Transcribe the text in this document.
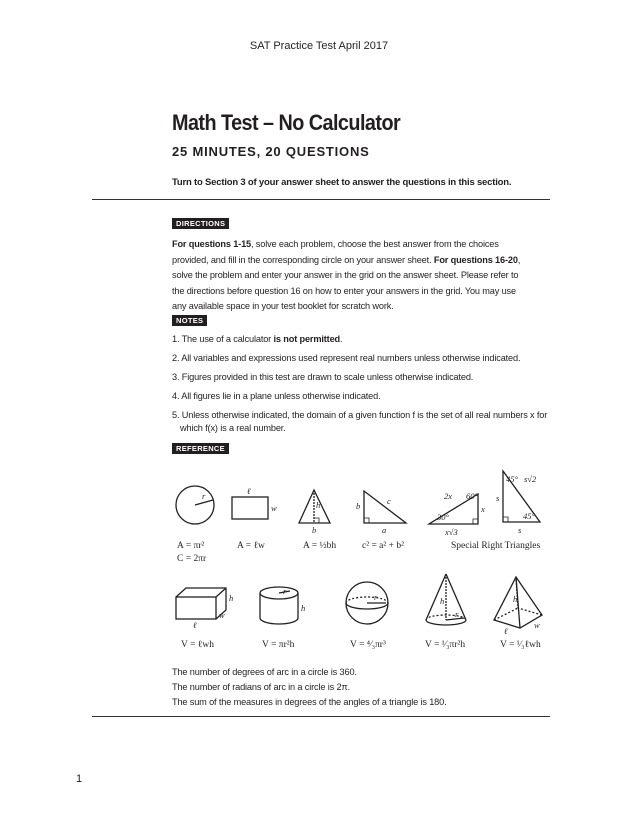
SAT Practice Test April 2017
Math Test – No Calculator
25 MINUTES, 20 QUESTIONS
Turn to Section 3 of your answer sheet to answer the questions in this section.
DIRECTIONS
For questions 1-15, solve each problem, choose the best answer from the choices provided, and fill in the corresponding circle on your answer sheet. For questions 16-20, solve the problem and enter your answer in the grid on the answer sheet. Please refer to the directions before question 16 on how to enter your answers in the grid. You may use any available space in your test booklet for scratch work.
NOTES
1. The use of a calculator is not permitted.
2. All variables and expressions used represent real numbers unless otherwise indicated.
3. Figures provided in this test are drawn to scale unless otherwise indicated.
4. All figures lie in a plane unless otherwise indicated.
5. Unless otherwise indicated, the domain of a given function f is the set of all real numbers x for
which f(x) is a real number.
REFERENCE
r	ℓ
w	h
b
b	c
a
2x 60°
x
30°
x√3
s
45° s√2
45°
s
h
w
ℓ
r
h
r	h
r
h
w
ℓ
A = πr²
C = 2πr
A = ℓw	A = ½bh	c² = a² + b²	Special Right Triangles
V = ℓwh	V = πr²h	V = ⁴⁄₃πr³	V = ¹⁄₃πr²h	V = ¹⁄₃ℓwh
The number of degrees of arc in a circle is 360.
The number of radians of arc in a circle is 2π.
The sum of the measures in degrees of the angles of a triangle is 180.
1
